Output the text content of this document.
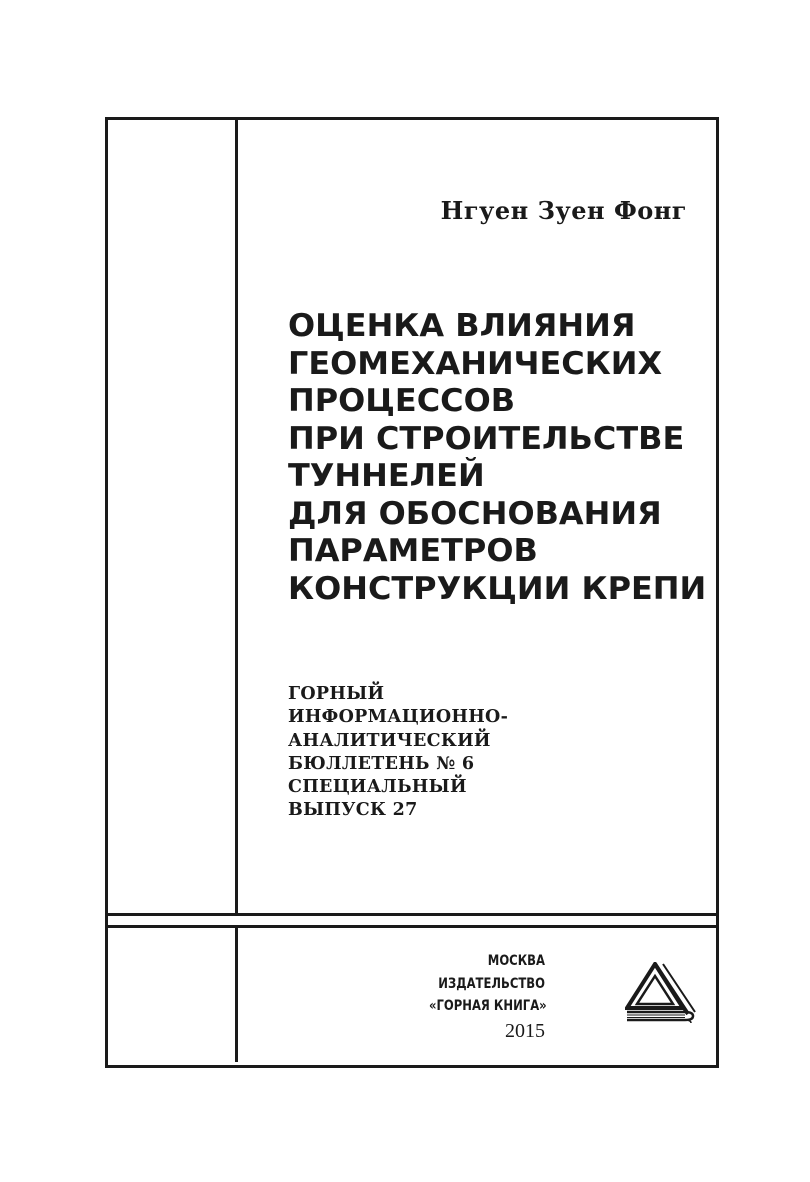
Нгуен Зуен Фонг
ОЦЕНКА ВЛИЯНИЯ
ГЕОМЕХАНИЧЕСКИХ
ПРОЦЕССОВ
ПРИ СТРОИТЕЛЬСТВЕ
ТУННЕЛЕЙ
ДЛЯ ОБОСНОВАНИЯ
ПАРАМЕТРОВ
КОНСТРУКЦИИ КРЕПИ
ГОРНЫЙ
ИНФОРМАЦИОННО-
АНАЛИТИЧЕСКИЙ
БЮЛЛЕТЕНЬ № 6
СПЕЦИАЛЬНЫЙ
ВЫПУСК 27
МОСКВА
ИЗДАТЕЛЬСТВО
«ГОРНАЯ КНИГА»
2015
